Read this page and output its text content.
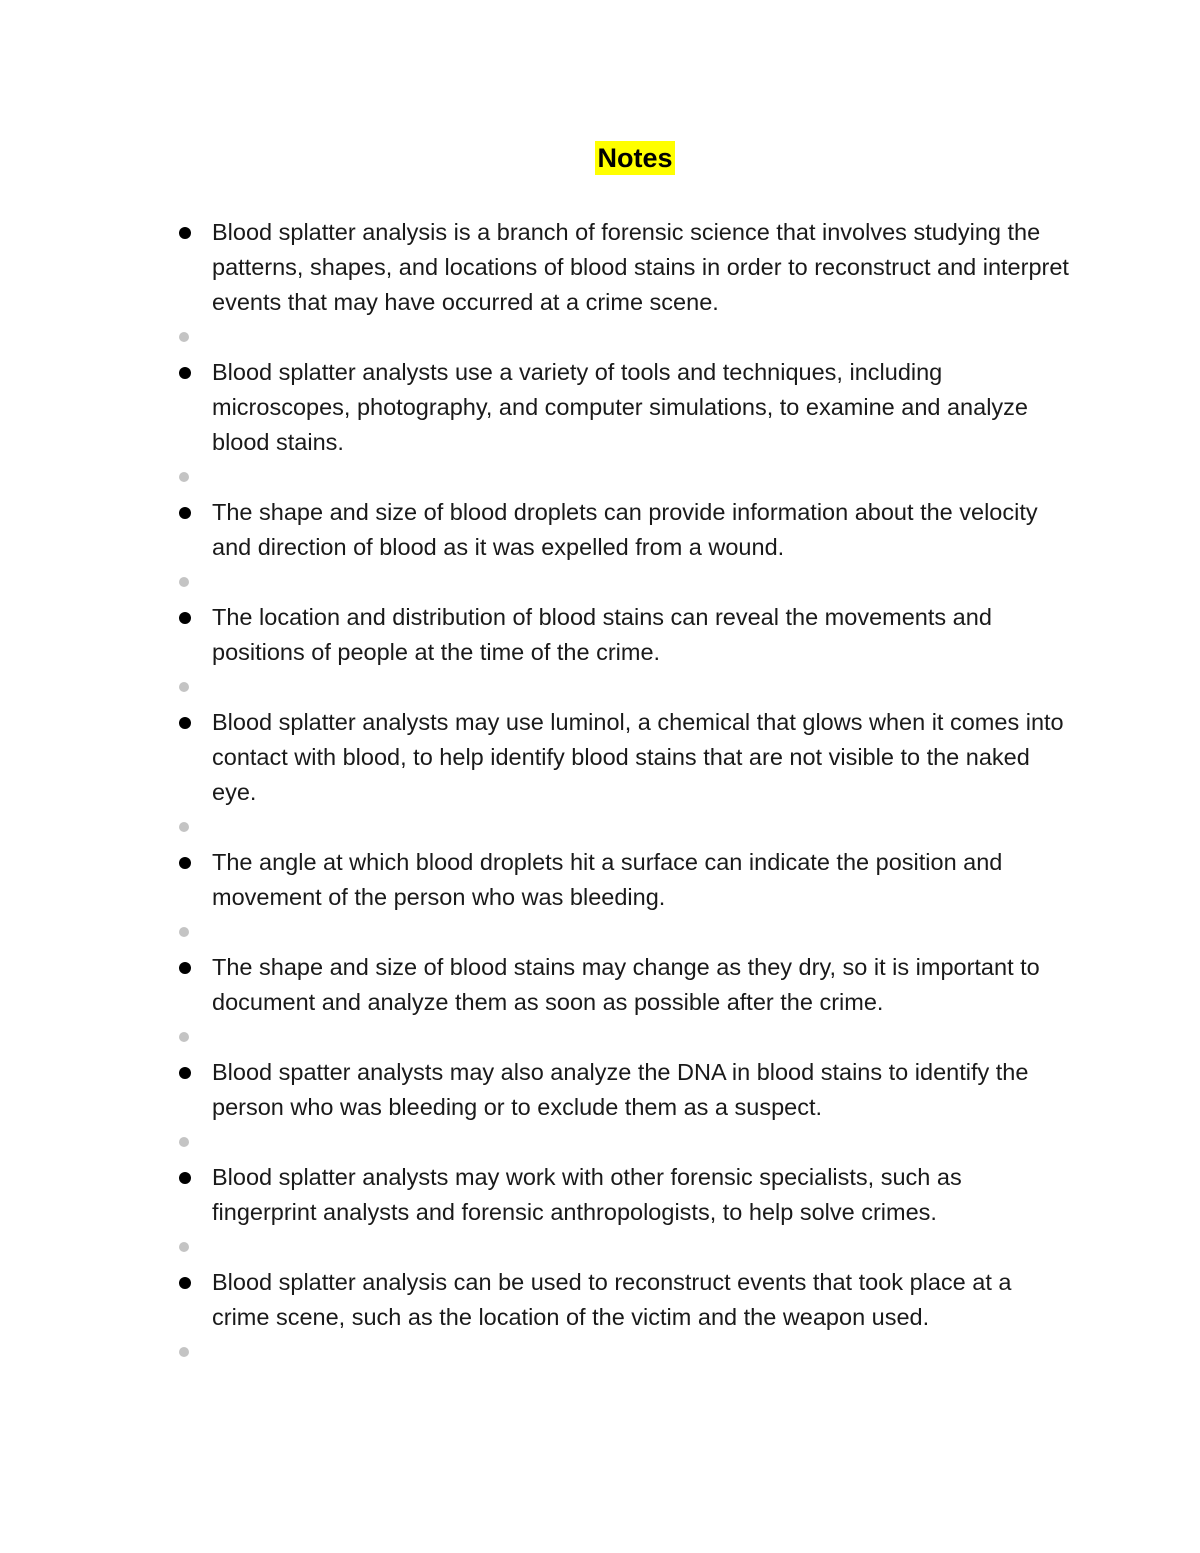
Notes
Blood splatter analysis is a branch of forensic science that involves studying the patterns, shapes, and locations of blood stains in order to reconstruct and interpret events that may have occurred at a crime scene.
Blood splatter analysts use a variety of tools and techniques, including microscopes, photography, and computer simulations, to examine and analyze blood stains.
The shape and size of blood droplets can provide information about the velocity and direction of blood as it was expelled from a wound.
The location and distribution of blood stains can reveal the movements and positions of people at the time of the crime.
Blood splatter analysts may use luminol, a chemical that glows when it comes into contact with blood, to help identify blood stains that are not visible to the naked eye.
The angle at which blood droplets hit a surface can indicate the position and movement of the person who was bleeding.
The shape and size of blood stains may change as they dry, so it is important to document and analyze them as soon as possible after the crime.
Blood spatter analysts may also analyze the DNA in blood stains to identify the person who was bleeding or to exclude them as a suspect.
Blood splatter analysts may work with other forensic specialists, such as fingerprint analysts and forensic anthropologists, to help solve crimes.
Blood splatter analysis can be used to reconstruct events that took place at a crime scene, such as the location of the victim and the weapon used.
